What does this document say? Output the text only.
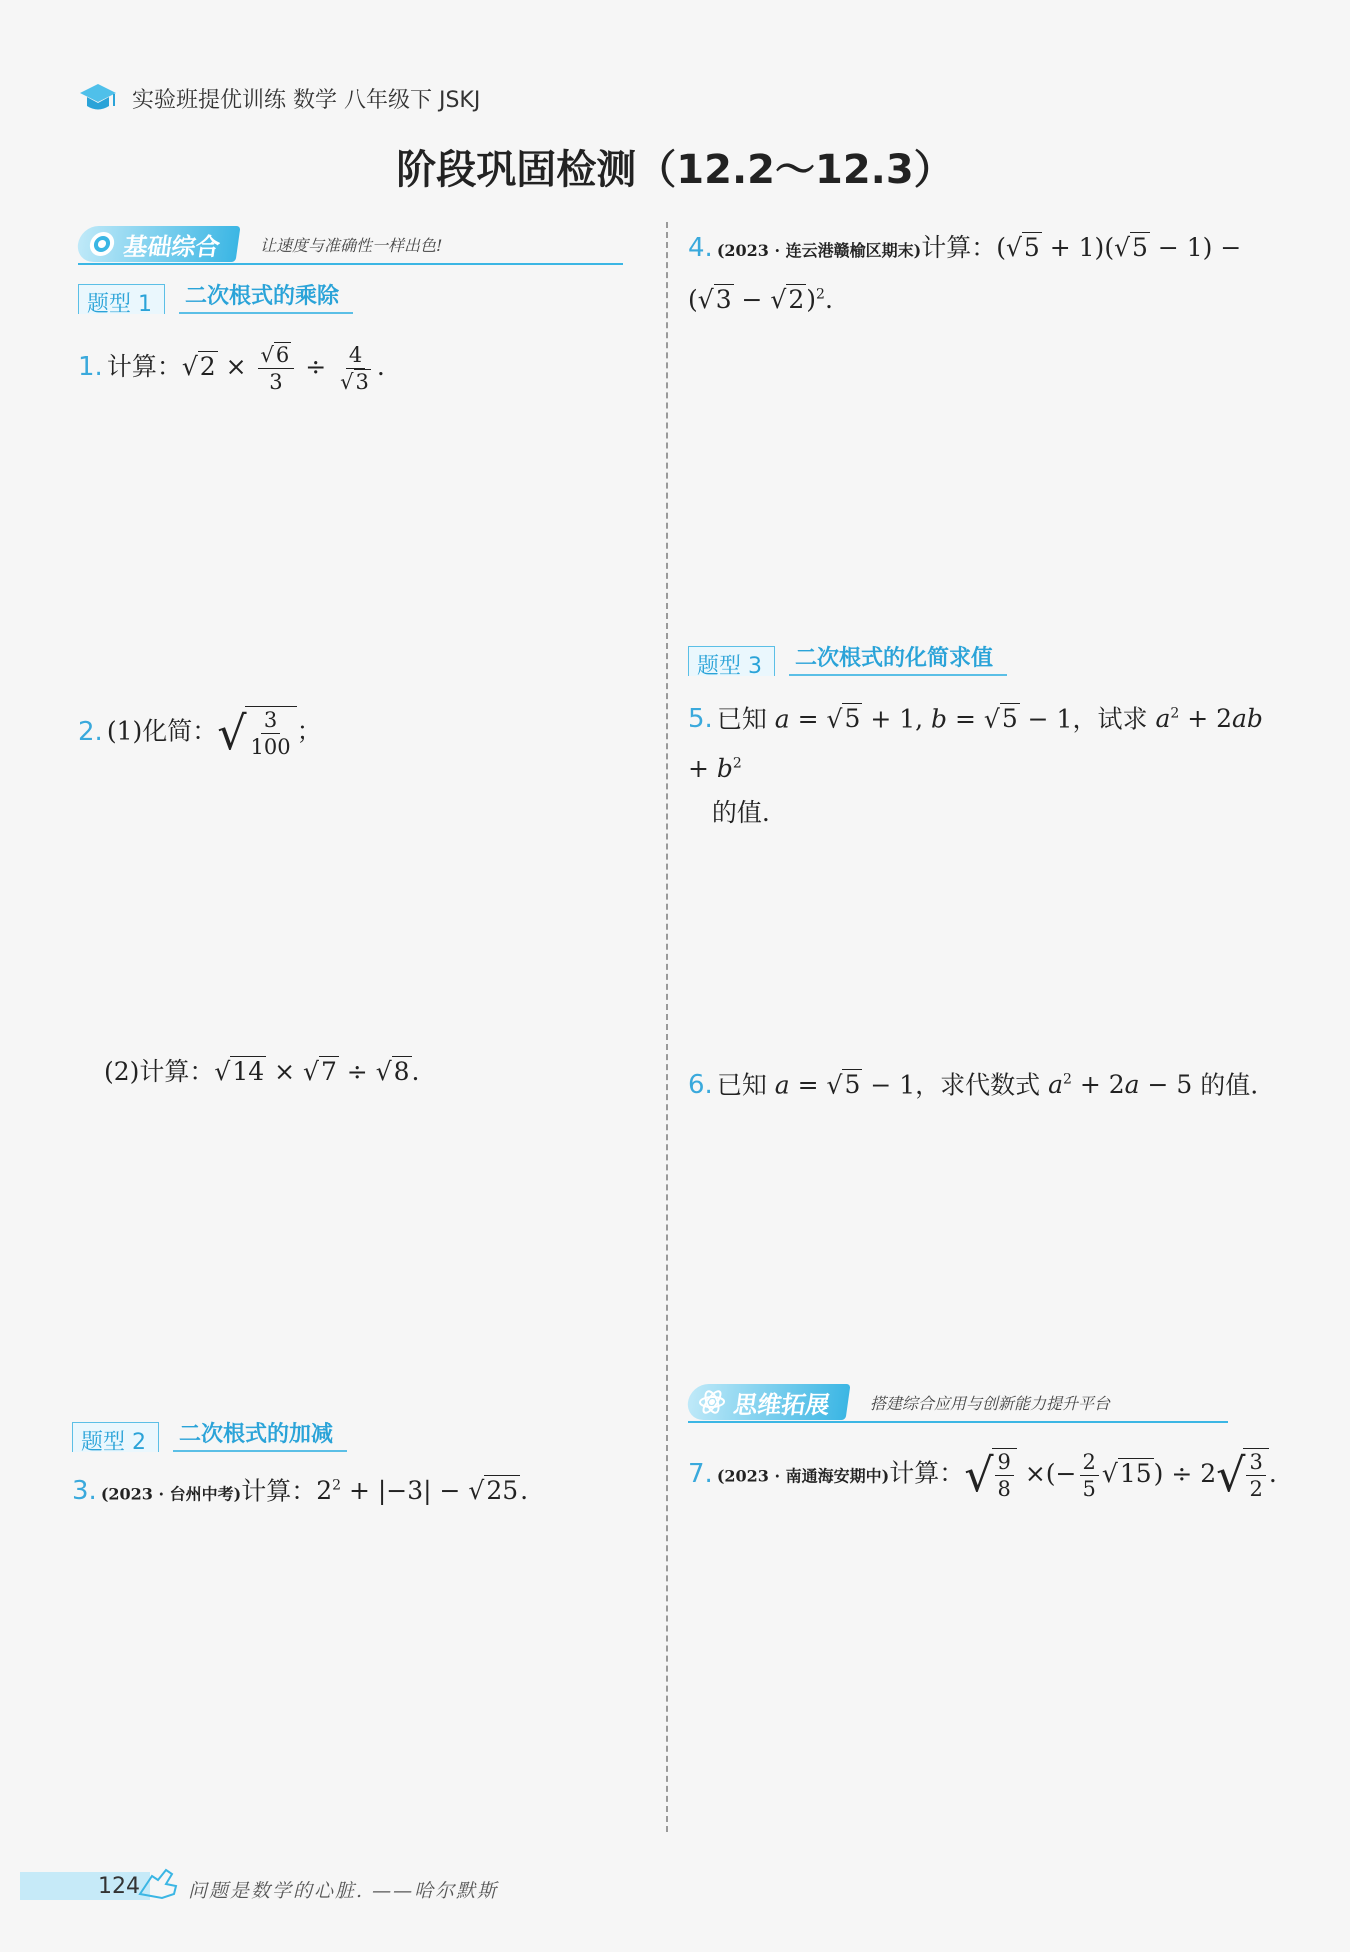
实验班提优训练 数学 八年级下 JSKJ
阶段巩固检测（12.2～12.3）
基础综合 让速度与准确性一样出色!
题型 1	二次根式的乘除
1. 计算：$√2 \times \frac{√6}{3} \div \frac{4}{√3}$ .
2. (1)化简： √ $\frac{3}{100}$ ；
(2)计算：√14 × √7 ÷ √8.
题型 2	二次根式的加减
3. (2023 · 台州中考)计算：$2^2 + |-3| - √25$.
4. (2023 · 连云港赣榆区期末)计算：(√5 + 1)(√5 − 1) −
$(√3 - √2)^2$.
题型 3	二次根式的化简求值
5. 已知 a = √5 + 1, b = √5 − 1，试求 $a^2 + 2ab + b^2$
的值.
6. 已知 a = √5 − 1，求代数式 $a^2 + 2a - 5$ 的值.
思维拓展 搭建综合应用与创新能力提升平台
7. (2023 · 南通海安期中)计算： √ $\frac{9}{8}$ ×(− $\frac{2}{5} √15) \div 2$ √ $\frac{3}{2}$ .
124	问题是数学的心脏. ——哈尔默斯
